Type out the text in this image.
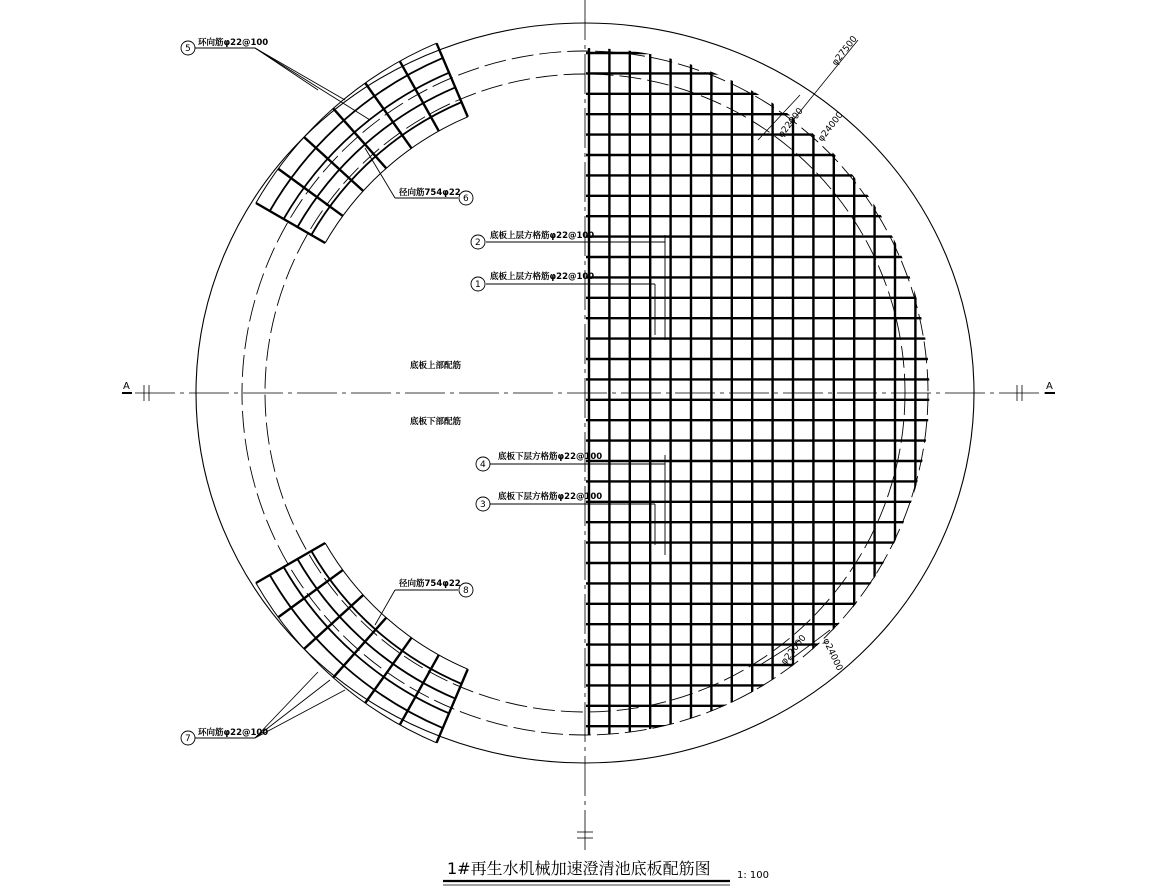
A	A
底板上部配筋
底板下部配筋
φ27500
φ22000 φ24000
φ22000 φ24000
5
环向筋φ22@100
6
径向筋754φ22
2
底板上层方格筋φ22@100
1
底板上层方格筋φ22@100
4
底板下层方格筋φ22@100
3
底板下层方格筋φ22@100
8
径向筋754φ22
7
环向筋φ22@100
1#再生水机械加速澄清池底板配筋图	1: 100
